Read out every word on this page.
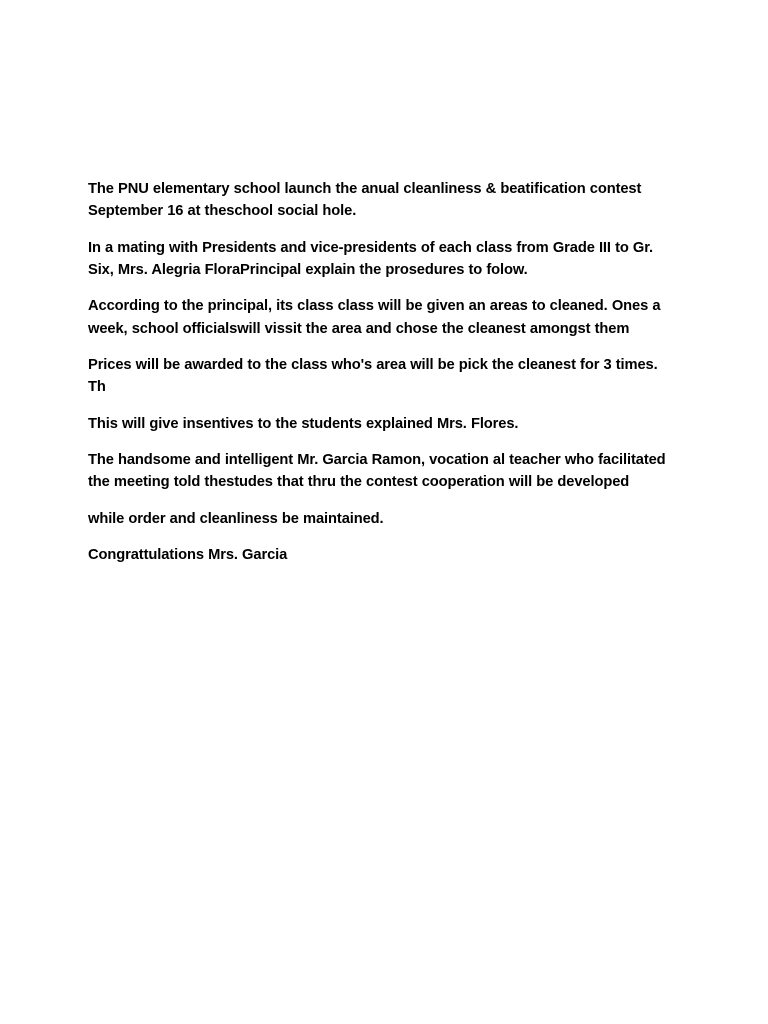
The PNU elementary school launch the anual cleanliness & beatification contest September 16 at theschool social hole.

In a mating with Presidents and vice-presidents of each class from Grade III to Gr. Six, Mrs. Alegria FloraPrincipal explain the prosedures to folow.

According to the principal, its class class will be given an areas to cleaned. Ones a week, school officialswill vissit the area and chose the cleanest amongst them

Prices will be awarded to the class who's area will be pick the cleanest for 3 times. Th

This will give insentives to the students explained Mrs. Flores.

The handsome and intelligent Mr. Garcia Ramon, vocation al teacher who facilitated the meeting told thestudes that thru the contest cooperation will be developed

while order and cleanliness be maintained.

Congrattulations Mrs. Garcia
